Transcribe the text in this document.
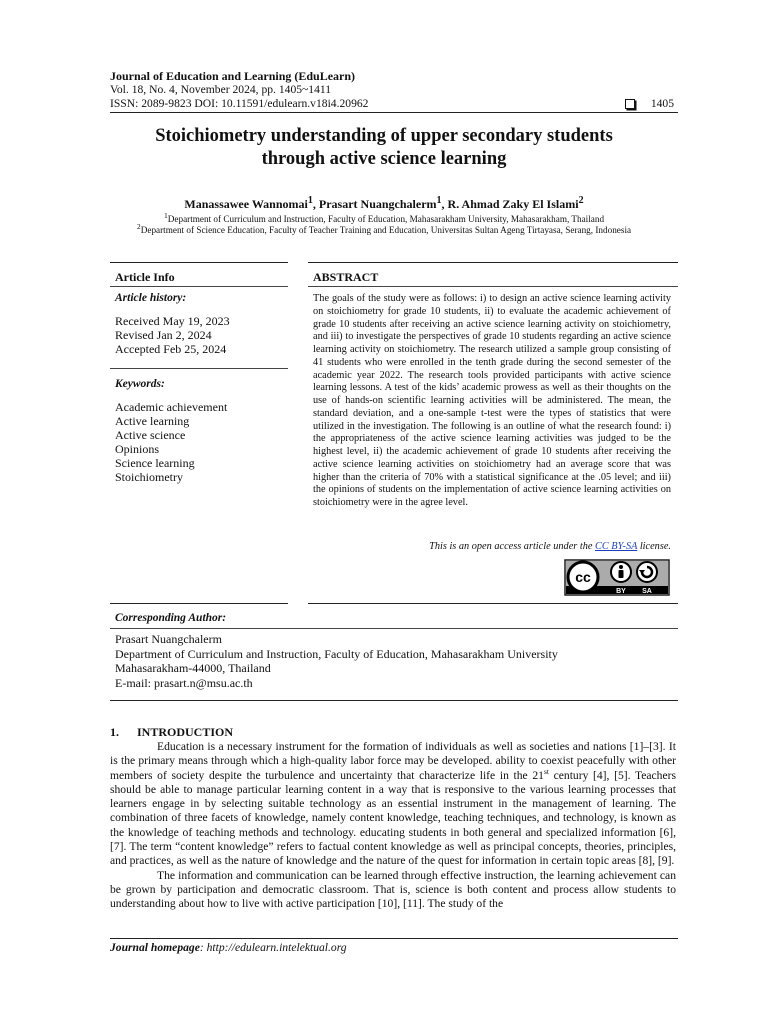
Journal of Education and Learning (EduLearn)
Vol. 18, No. 4, November 2024, pp. 1405~1411
ISSN: 2089-9823 DOI: 10.11591/edulearn.v18i4.20962	1405
Stoichiometry understanding of upper secondary students
through active science learning
Manassawee Wannomai$^1$, Prasart Nuangchalerm$^1$, R. Ahmad Zaky El Islami$^2$
$^1$Department of Curriculum and Instruction, Faculty of Education, Mahasarakham University, Mahasarakham, Thailand
$^2$Department of Science Education, Faculty of Teacher Training and Education, Universitas Sultan Ageng Tirtayasa, Serang, Indonesia
Article Info
Article history:
Received May 19, 2023
Revised Jan 2, 2024
Accepted Feb 25, 2024
Keywords:
Academic achievement
Active learning
Active science
Opinions
Science learning
Stoichiometry
ABSTRACT
The goals of the study were as follows: i) to design an active science learning activity on stoichiometry for grade 10 students, ii) to evaluate the academic achievement of grade 10 students after receiving an active science learning activity on stoichiometry, and iii) to investigate the perspectives of grade 10 students regarding an active science learning activity on stoichiometry. The research utilized a sample group consisting of 41 students who were enrolled in the tenth grade during the second semester of the academic year 2022. The research tools provided participants with active science learning lessons. A test of the kids’ academic prowess as well as their thoughts on the use of hands-on scientific learning activities will be administered. The mean, the standard deviation, and a one-sample t-test were the types of statistics that were utilized in the investigation. The following is an outline of what the research found: i) the appropriateness of the active science learning activities was judged to be the highest level, ii) the academic achievement of grade 10 students after receiving the active science learning activities on stoichiometry had an average score that was higher than the criteria of 70% with a statistical significance at the .05 level; and iii) the opinions of students on the implementation of active science learning activities on stoichiometry were in the agree level.
This is an open access article under the CC BY-SA license.
cc
BY SA
Corresponding Author:
Prasart Nuangchalerm
Department of Curriculum and Instruction, Faculty of Education, Mahasarakham University
Mahasarakham-44000, Thailand
E-mail: prasart.n@msu.ac.th
1. INTRODUCTION

Education is a necessary instrument for the formation of individuals as well as societies and nations [1]–[3]. It is the primary means through which a high-quality labor force may be developed. ability to coexist peacefully with other members of society despite the turbulence and uncertainty that characterize life in the 21st century [4], [5]. Teachers should be able to manage particular learning content in a way that is responsive to the various learning processes that learners engage in by selecting suitable technology as an essential instrument in the management of learning. The combination of three facets of knowledge, namely content knowledge, teaching techniques, and technology, is known as the knowledge of teaching methods and technology. educating students in both general and specialized information [6], [7]. The term “content knowledge” refers to factual content knowledge as well as principal concepts, theories, principles, and practices, as well as the nature of knowledge and the nature of the quest for information in certain topic areas [8], [9].

The information and communication can be learned through effective instruction, the learning achievement can be grown by participation and democratic classroom. That is, science is both content and process allow students to understanding about how to live with active participation [10], [11]. The study of the

Journal homepage: http://edulearn.intelektual.org
